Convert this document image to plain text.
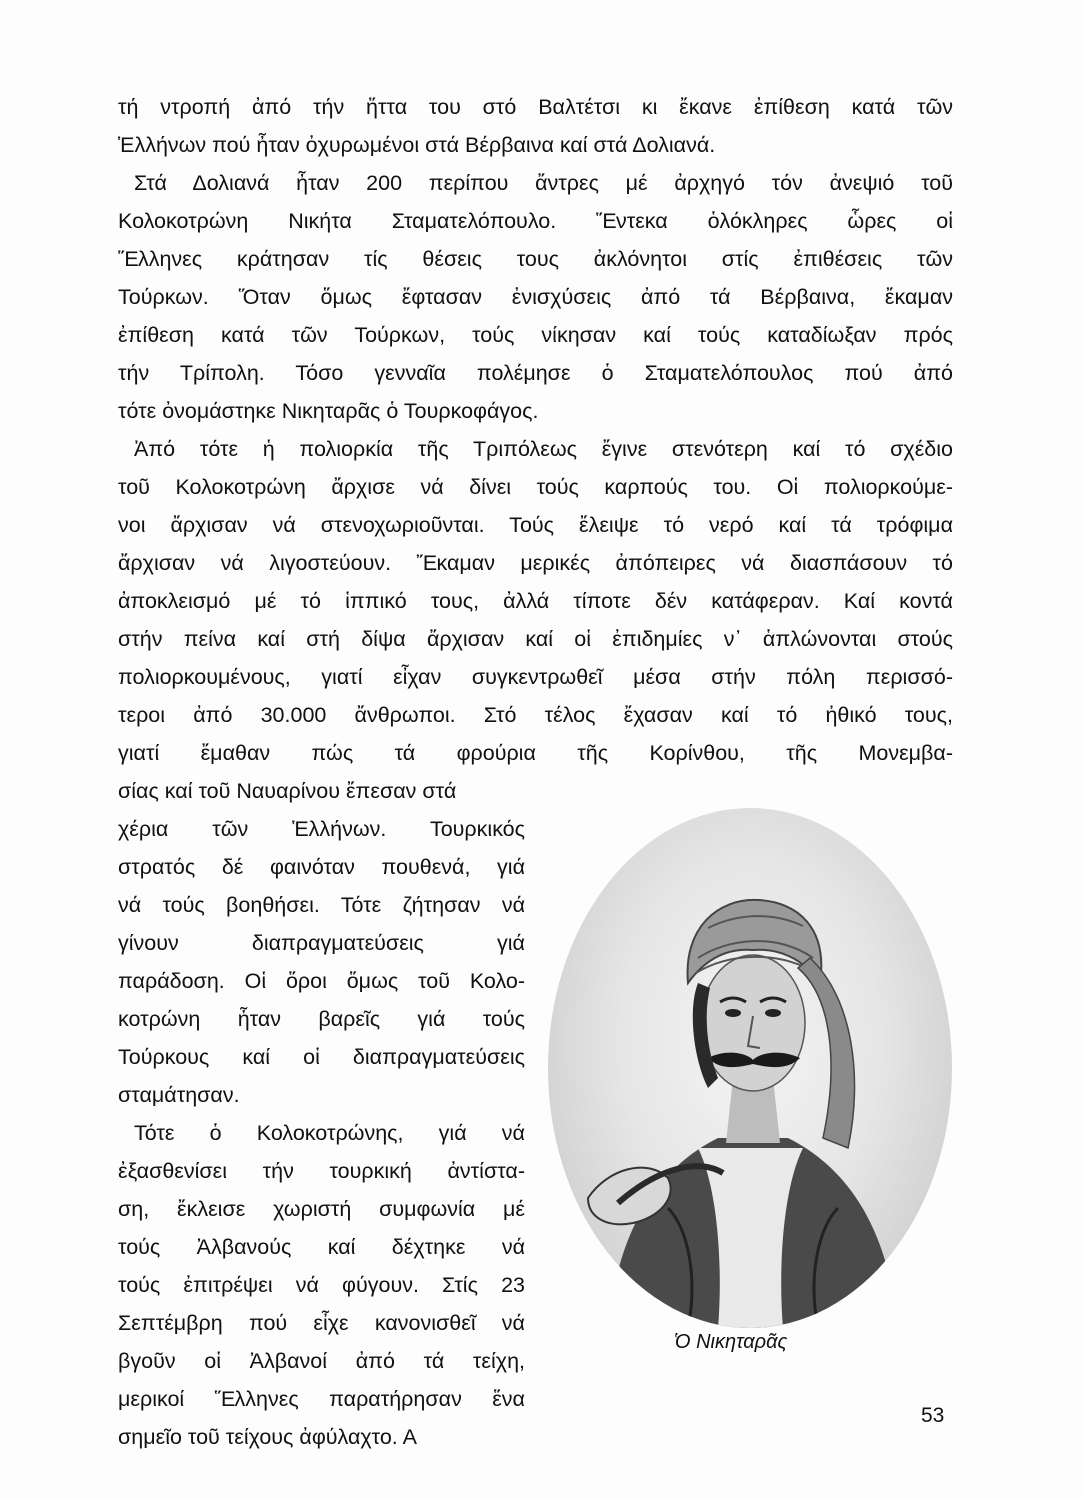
τή ντροπή ἀπό τήν ἥττα του στό Βαλτέτσι κι ἔκανε ἐπίθεση κατά τῶν
Ἑλλήνων πού ἦταν ὀχυρωμένοι στά Βέρβαινα καί στά Δολιανά.
Στά Δολιανά ἦταν 200 περίπου ἄντρες μέ ἀρχηγό τόν ἀνεψιό τοῦ
Κολοκοτρώνη Νικήτα Σταματελόπουλο. Ἕντεκα ὁλόκληρες ὧρες οἱ
Ἕλληνες κράτησαν τίς θέσεις τους ἀκλόνητοι στίς ἐπιθέσεις τῶν
Τούρκων. Ὅταν ὅμως ἔφτασαν ἐνισχύσεις ἀπό τά Βέρβαινα, ἔκαμαν
ἐπίθεση κατά τῶν Τούρκων, τούς νίκησαν καί τούς καταδίωξαν πρός
τήν Τρίπολη. Τόσο γενναῖα πολέμησε ὁ Σταματελόπουλος πού ἀπό
τότε ὀνομάστηκε Νικηταρᾶς ὁ Τουρκοφάγος.
Ἀπό τότε ἡ πολιορκία τῆς Τριπόλεως ἔγινε στενότερη καί τό σχέδιο
τοῦ Κολοκοτρώνη ἄρχισε νά δίνει τούς καρπούς του. Οἱ πολιορκούμε-
νοι ἄρχισαν νά στενοχωριοῦνται. Τούς ἔλειψε τό νερό καί τά τρόφιμα
ἄρχισαν νά λιγοστεύουν. Ἔκαμαν μερικές ἀπόπειρες νά διασπάσουν τό
ἀποκλεισμό μέ τό ἱππικό τους, ἀλλά τίποτε δέν κατάφεραν. Καί κοντά
στήν πείνα καί στή δίψα ἄρχισαν καί οἱ ἐπιδημίες ν᾿ ἁπλώνονται στούς
πολιορκουμένους, γιατί εἶχαν συγκεντρωθεῖ μέσα στήν πόλη περισσό-
τεροι ἀπό 30.000 ἄνθρωποι. Στό τέλος ἔχασαν καί τό ἠθικό τους,
γιατί ἔμαθαν πώς τά φρούρια τῆς Κορίνθου, τῆς Μονεμβα-
σίας καί τοῦ Ναυαρίνου ἔπεσαν στά
χέρια τῶν Ἑλλήνων. Τουρκικός
στρατός δέ φαινόταν πουθενά, γιά
νά τούς βοηθήσει. Τότε ζήτησαν νά
γίνουν διαπραγματεύσεις γιά
παράδοση. Οἱ ὅροι ὅμως τοῦ Κολο-
κοτρώνη ἦταν βαρεῖς γιά τούς
Τούρκους καί οἱ διαπραγματεύσεις
σταμάτησαν.
Τότε ὁ Κολοκοτρώνης, γιά νά
ἐξασθενίσει τήν τουρκική ἀντίστα-
ση, ἔκλεισε χωριστή συμφωνία μέ
τούς Ἀλβανούς καί δέχτηκε νά
τούς ἐπιτρέψει νά φύγουν. Στίς 23
Σεπτέμβρη πού εἶχε κανονισθεῖ νά
βγοῦν οἱ Ἀλβανοί ἀπό τά τείχη,
μερικοί Ἕλληνες παρατήρησαν ἕνα
σημεῖο τοῦ τείχους ἀφύλαχτο. Α
Ὁ Νικηταρᾶς
53
